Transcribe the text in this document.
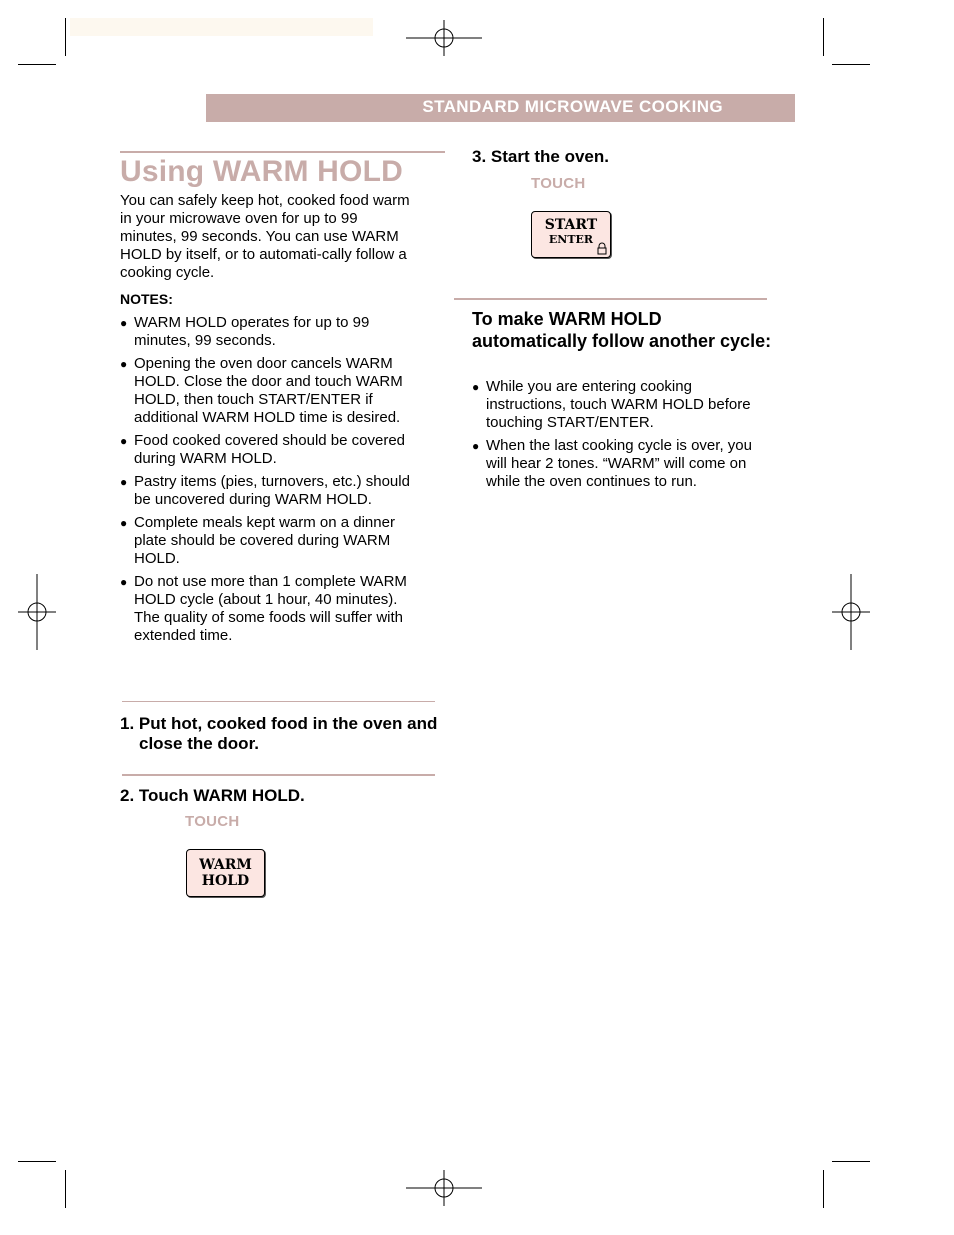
STANDARD MICROWAVE COOKING
Using WARM HOLD
You can safely keep hot, cooked food warm in your microwave oven for up to 99 minutes, 99 seconds. You can use WARM HOLD by itself, or to automati-cally follow a cooking cycle.
NOTES:
● WARM HOLD operates for up to 99 minutes, 99 seconds.
● Opening the oven door cancels WARM HOLD. Close the door and touch WARM HOLD, then touch START/ENTER if additional WARM HOLD time is desired.
● Food cooked covered should be covered during WARM HOLD.
● Pastry items (pies, turnovers, etc.) should be uncovered during WARM HOLD.
● Complete meals kept warm on a dinner plate should be covered during WARM HOLD.
● Do not use more than 1 complete WARM HOLD cycle (about 1 hour, 40 minutes). The quality of some foods will suffer with extended time.
1. Put hot, cooked food in the oven and close the door.
2. Touch WARM HOLD.
TOUCH
WARM
HOLD
3. Start the oven.
TOUCH
START
ENTER
To make WARM HOLD automatically follow another cycle:
● While you are entering cooking instructions, touch WARM HOLD before touching START/ENTER.
● When the last cooking cycle is over, you will hear 2 tones. “WARM” will come on while the oven continues to run.
